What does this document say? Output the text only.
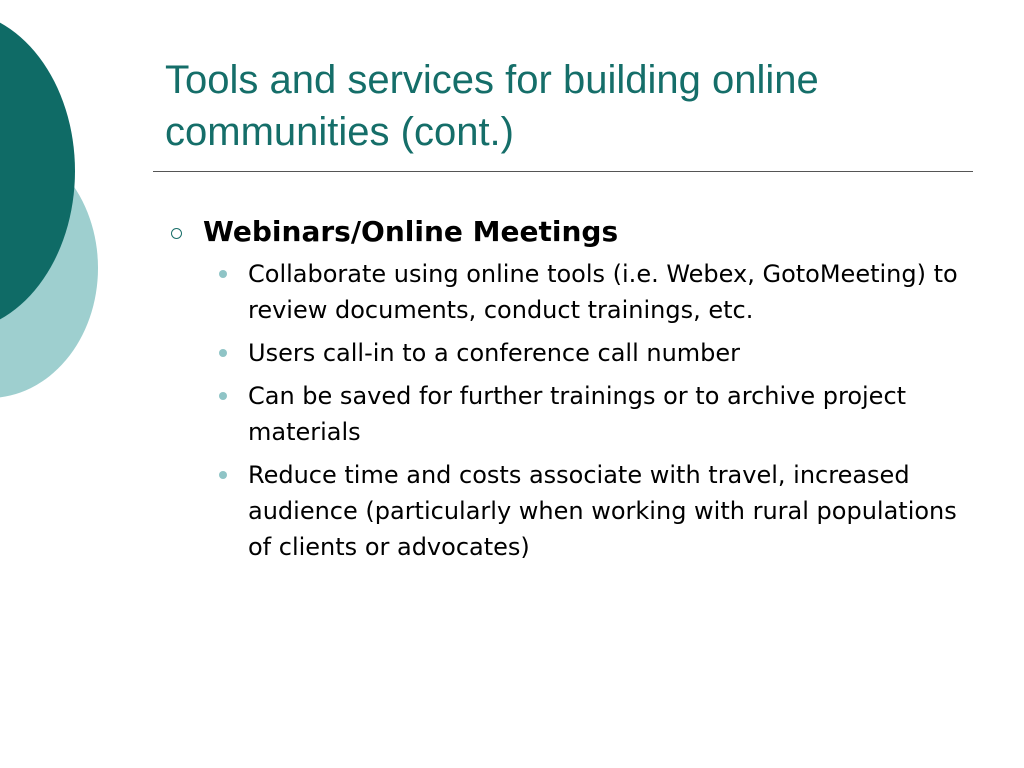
Tools and services for building online communities (cont.)
Webinars/Online Meetings
Collaborate using online tools (i.e. Webex, GotoMeeting) to review documents, conduct trainings, etc.
Users call-in to a conference call number
Can be saved for further trainings or to archive project materials
Reduce time and costs associate with travel, increased audience (particularly when working with rural populations of clients or advocates)
